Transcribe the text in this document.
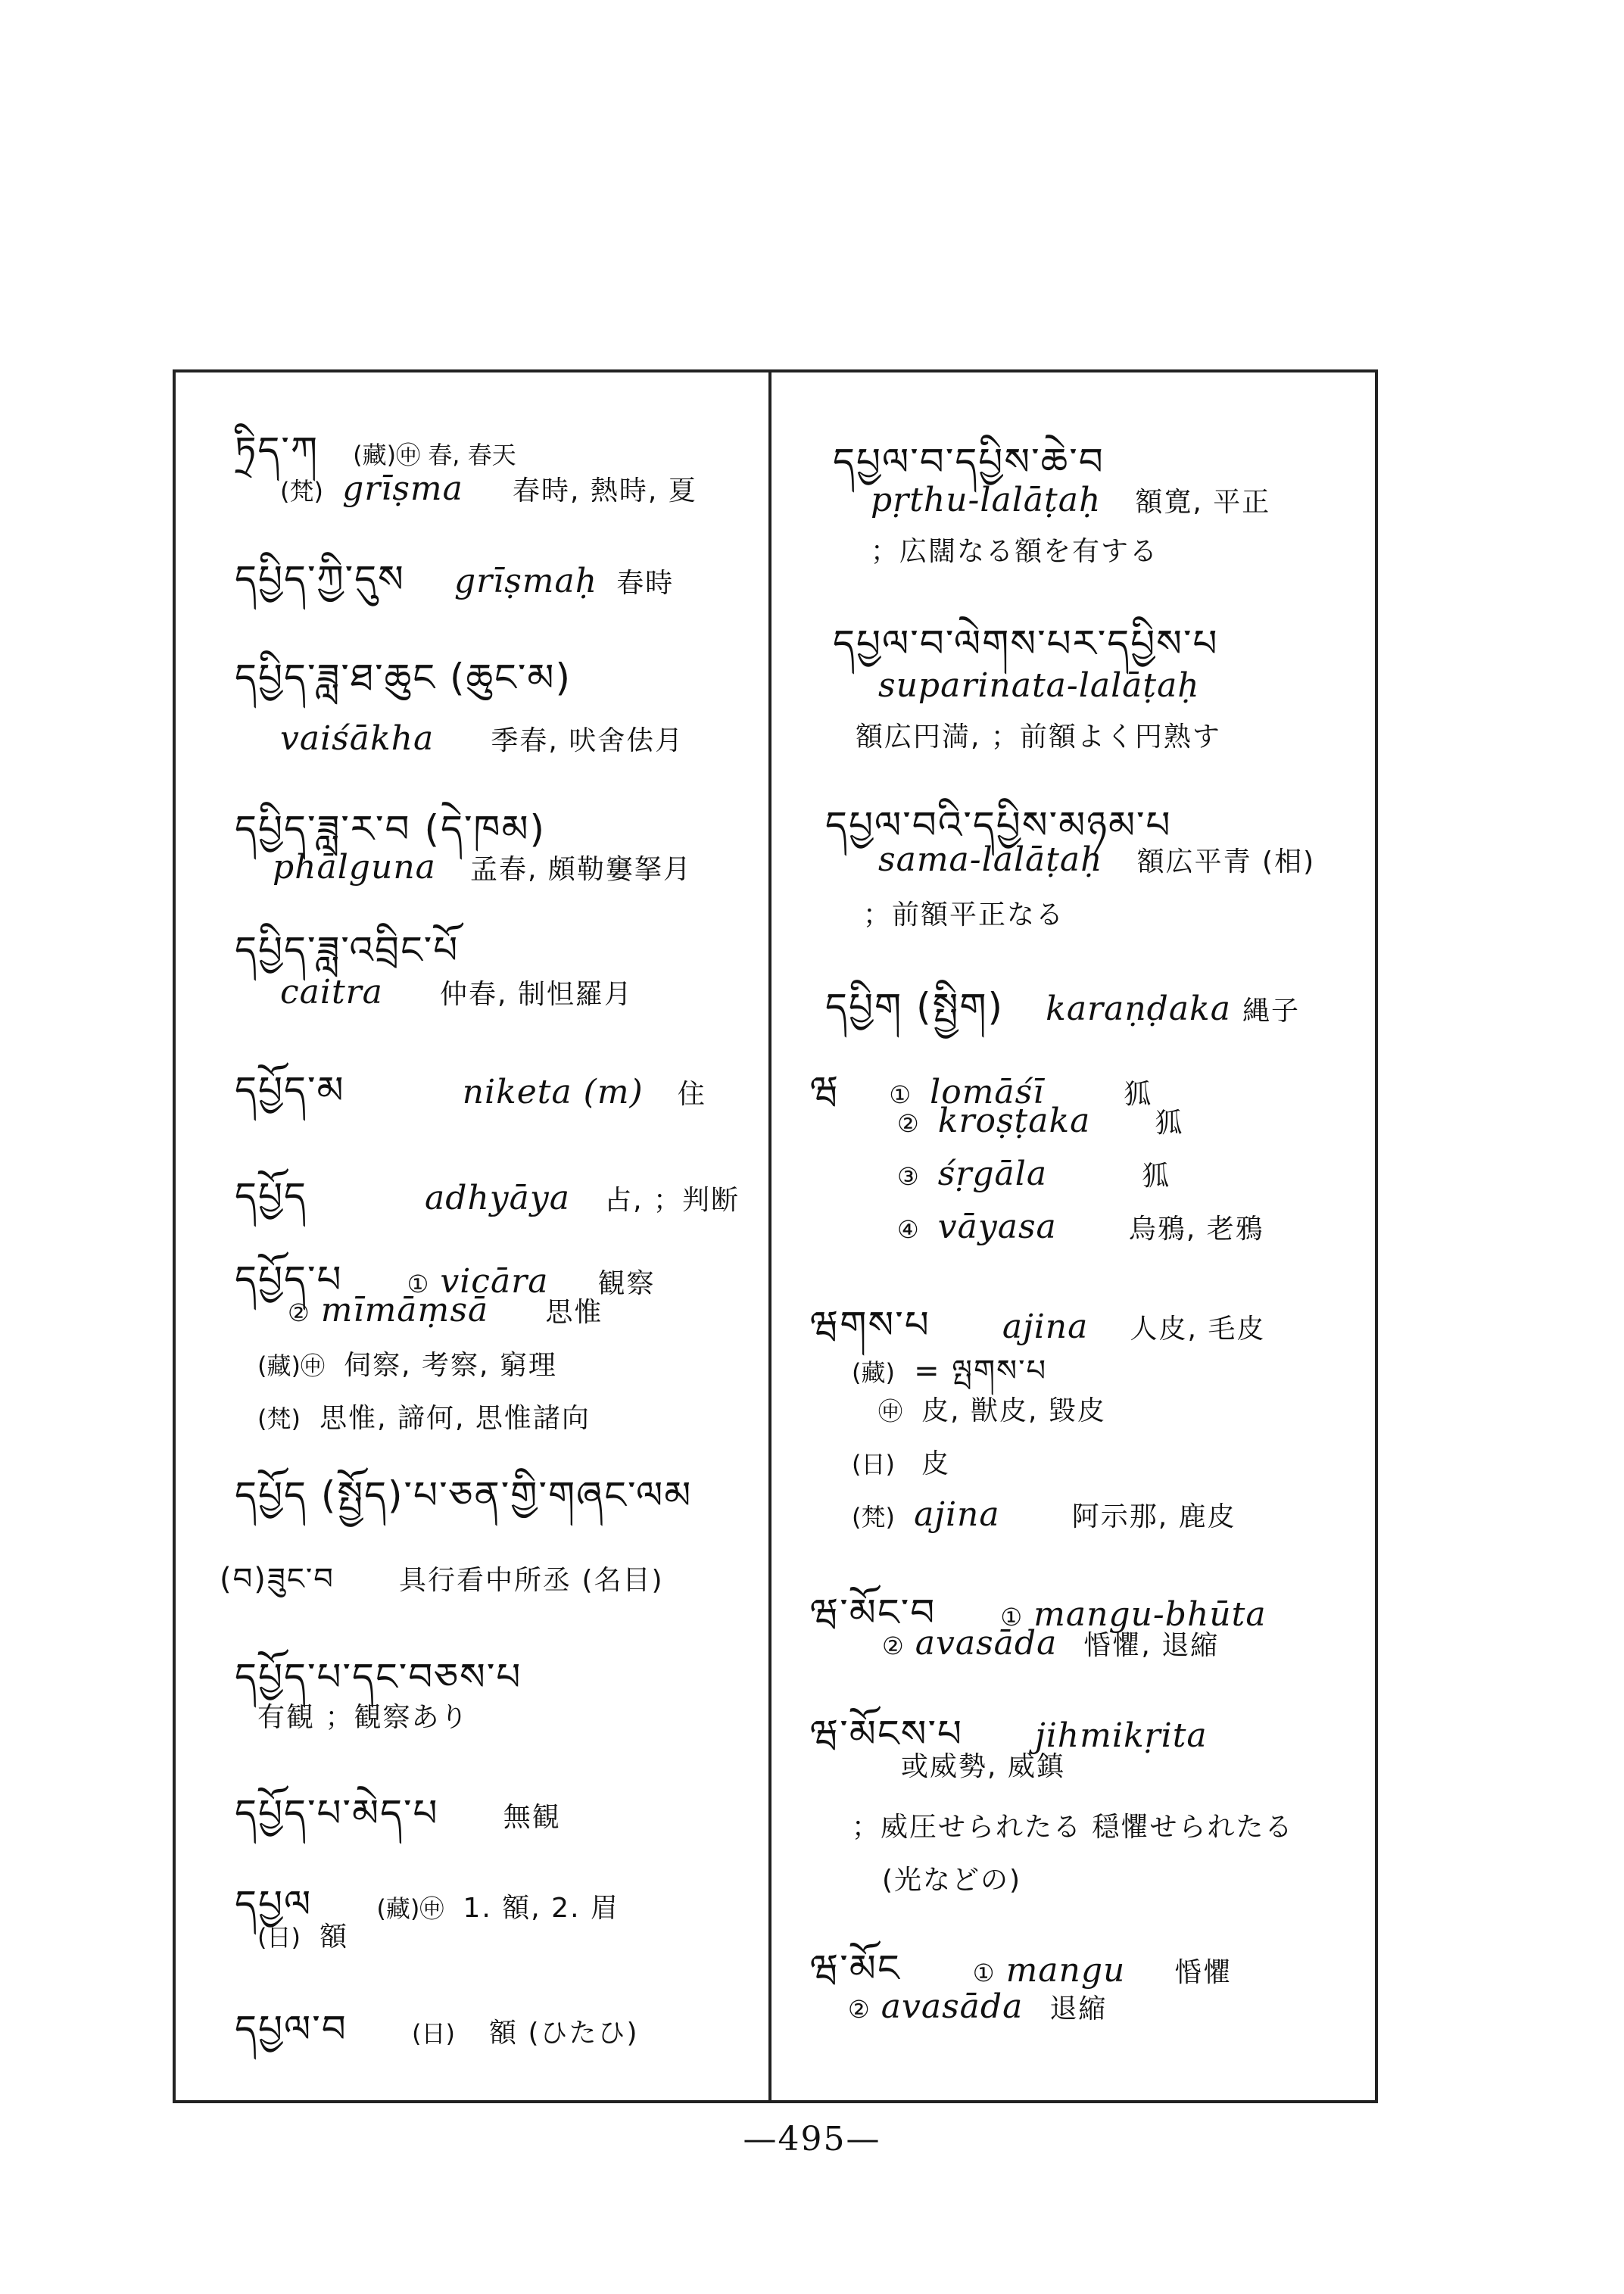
ཏྲིད་ཀ (藏)㊥ 春, 春天
(梵) grīṣma 春時, 熱時, 夏
དཔྱིད་ཀྱི་དུས grīṣmaḥ 春時
དཔྱིད་ཟླ་ཐ་ཆུང (ཆུང་མ)
vaiśākha 季春, 吠舍佉月
དཔྱིད་ཟླ་ར་བ (དེ་ཁམ)
phālguna 孟春, 頗勒窶拏月
དཔྱིད་ཟླ་འབྲིང་པོ
caitra 仲春, 制怛羅月
དཔྱོད་མ	niketa (m) 住
དཔྱོད	adhyāya 占, ；判断
དཔྱོད་པ	① vicāra 観察
② mīmāṃsā 思惟
(藏)㊥ 伺察, 考察, 窮理
(梵) 思惟, 諦何, 思惟諸向
དཔྱོད (སྤྱོད)་པ་ཅན་གྱི་གཞང་ལམ
(བ)ཟུང་བ 具行看中所丞 (名目)
དཔྱོད་པ་དང་བཅས་པ
有観 ；観察あり
དཔྱོད་པ་མེད་པ 無観
དཔྱལ	(藏)㊥ 1. 額, 2. 眉
(日) 額
དཔྱལ་བ	(日) 額 (ひたひ)
དཔྱལ་བ་དཔྱིས་ཆེ་བ
pṛthu-lalāṭaḥ 額寛, 平正
；広闊なる額を有する
དཔྱལ་བ་ལེགས་པར་དཔྱིས་པ
suparinata-lalāṭaḥ
額広円満, ；前額よく円熟す
དཔྱལ་བའི་དཔྱིས་མཉམ་པ
sama-lalāṭaḥ 額広平青 (相)
；前額平正なる
དཔྱིག (སྤྱིག) karaṇḍaka 縄子
ཝ ① lomāśī	狐
② kroṣṭaka 狐
③ śṛgāla	狐
④ vāyasa	烏鴉, 老鴉
ཝགས་པ ajina 人皮, 毛皮
(藏) = ལྤགས་པ
㊥ 皮, 獣皮, 毀皮
(日) 皮
(梵) ajina	阿示那, 鹿皮
ཝ་མོང་བ	① mangu-bhūta
② avasāda 惛懼, 退縮
ཝ་མོངས་པ jihmikṛita
或威勢, 威鎮
；威圧せられたる 穏懼せられたる
(光などの)
ཝ་མོང	① mangu 惛懼
② avasāda 退縮
—495—
